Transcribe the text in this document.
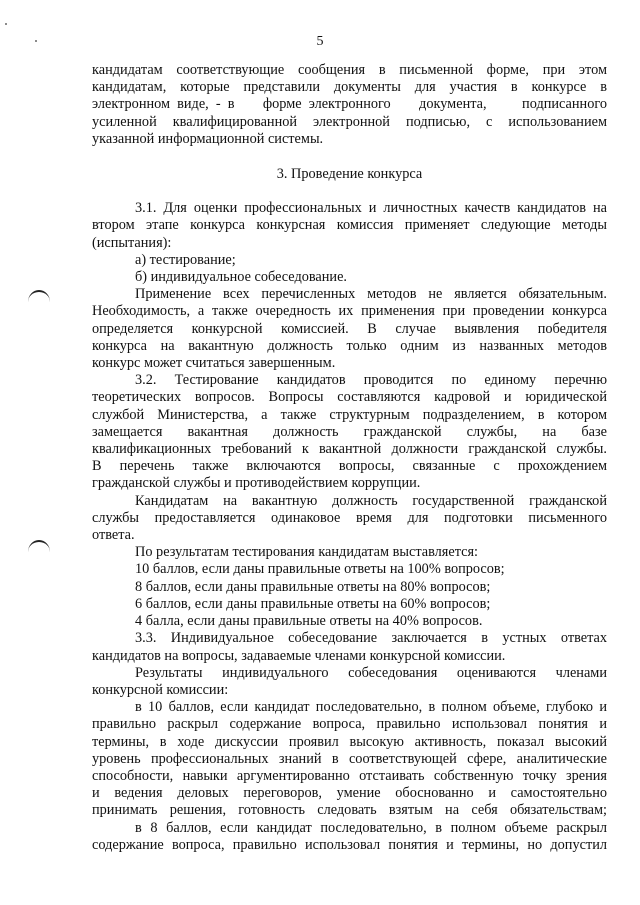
5
кандидатам соответствующие сообщения в письменной форме, при этом
кандидатам, которые представили документы для участия в конкурсе в
электронном виде, - в    форме электронного    документа,     подписанного
усиленной квалифицированной электронной подписью, с использованием
указанной информационной системы.
3. Проведение конкурса
3.1. Для оценки профессиональных и личностных качеств кандидатов на
втором этапе конкурса конкурсная комиссия применяет следующие методы
(испытания):
а) тестирование;
б) индивидуальное собеседование.
Применение всех перечисленных методов не является обязательным.
Необходимость, а также очередность их применения при проведении конкурса
определяется конкурсной комиссией. В случае выявления победителя
конкурса на вакантную должность только одним из названных методов
конкурс может считаться завершенным.
3.2. Тестирование кандидатов проводится по единому перечню
теоретических вопросов. Вопросы составляются кадровой и юридической
службой Министерства, а также структурным подразделением, в котором
замещается вакантная должность гражданской службы, на базе
квалификационных требований к вакантной должности гражданской службы.
В перечень также включаются вопросы, связанные с прохождением
гражданской службы и противодействием коррупции.
Кандидатам на вакантную должность государственной гражданской
службы предоставляется одинаковое время для подготовки письменного
ответа.
По результатам тестирования кандидатам выставляется:
10 баллов, если даны правильные ответы на 100% вопросов;
8 баллов, если даны правильные ответы на 80% вопросов;
6 баллов, если даны правильные ответы на 60% вопросов;
4 балла, если даны правильные ответы на 40% вопросов.
3.3. Индивидуальное собеседование заключается в устных ответах
кандидатов на вопросы, задаваемые членами конкурсной комиссии.
Результаты индивидуального собеседования оцениваются членами
конкурсной комиссии:
в 10 баллов, если кандидат последовательно, в полном объеме, глубоко и
правильно раскрыл содержание вопроса, правильно использовал понятия и
термины, в ходе дискуссии проявил высокую активность, показал высокий
уровень профессиональных знаний в соответствующей сфере, аналитические
способности, навыки аргументированно отстаивать собственную точку зрения
и ведения деловых переговоров, умение обоснованно и самостоятельно
принимать решения, готовность следовать взятым на себя обязательствам;
в 8 баллов, если кандидат последовательно, в полном объеме раскрыл
содержание вопроса, правильно использовал понятия и термины, но допустил
